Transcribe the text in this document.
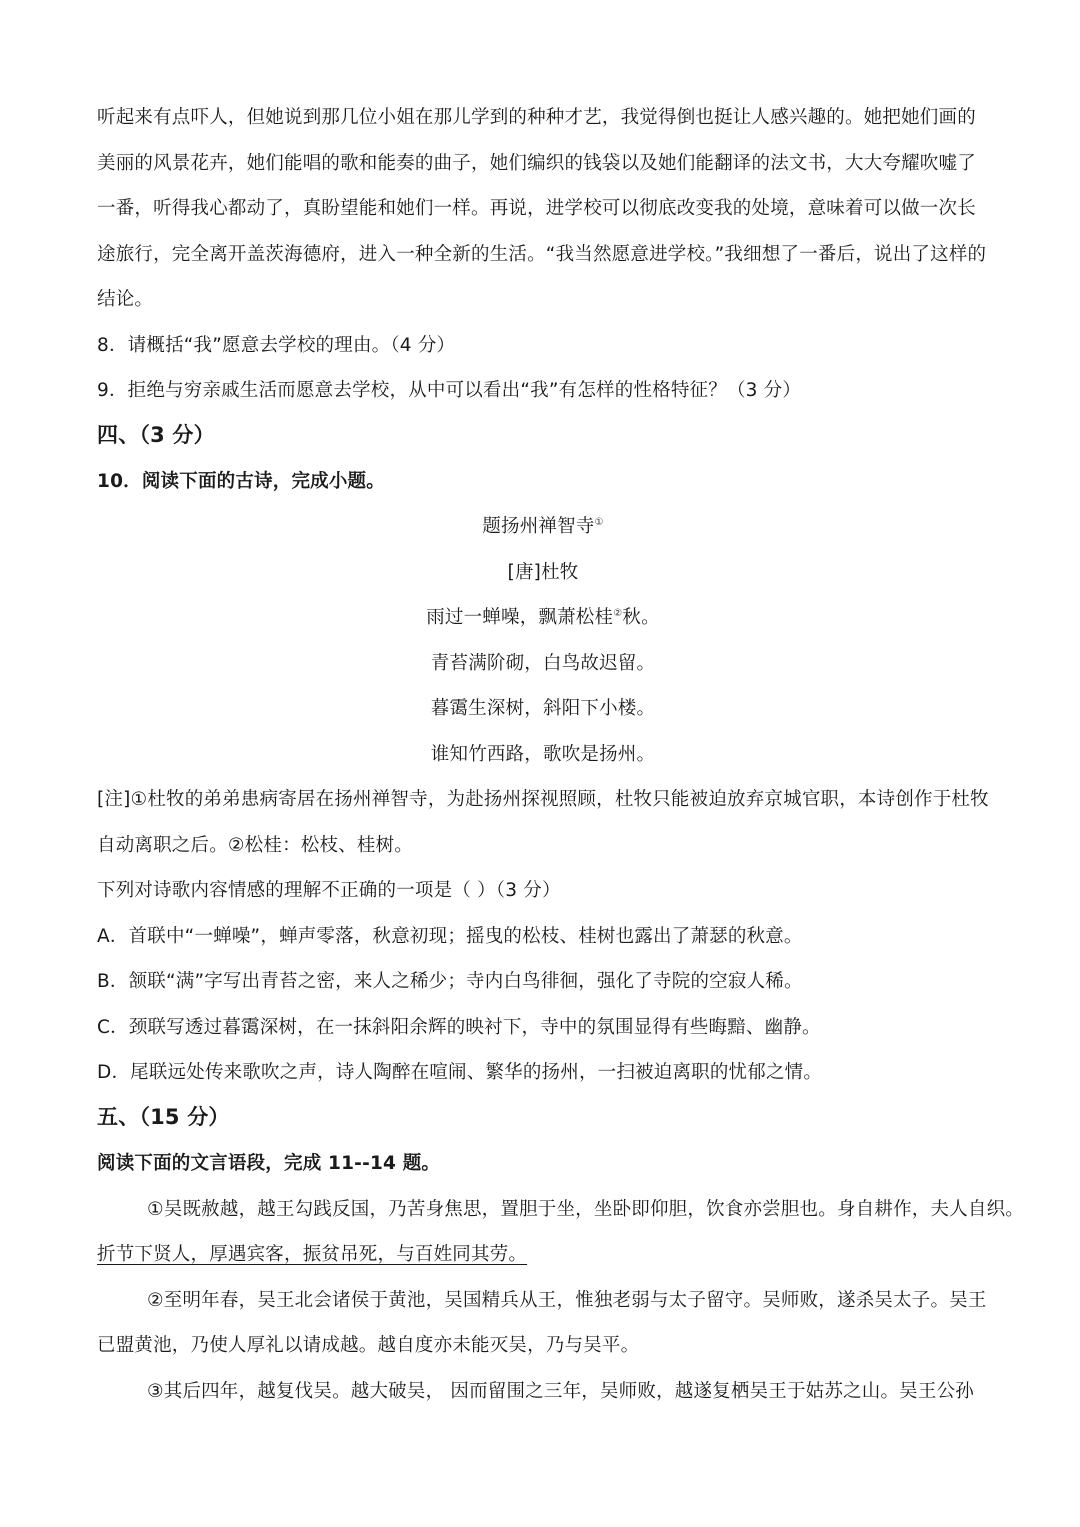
听起来有点吓人，但她说到那几位小姐在那儿学到的种种才艺，我觉得倒也挺让人感兴趣的。她把她们画的
美丽的风景花卉，她们能唱的歌和能奏的曲子，她们编织的钱袋以及她们能翻译的法文书，大大夸耀吹嘘了
一番，听得我心都动了，真盼望能和她们一样。再说，进学校可以彻底改变我的处境，意味着可以做一次长
途旅行，完全离开盖茨海德府，进入一种全新的生活。“我当然愿意进学校。”我细想了一番后，说出了这样的
结论。
8．请概括“我”愿意去学校的理由。（4 分）
9．拒绝与穷亲戚生活而愿意去学校，从中可以看出“我”有怎样的性格特征？（3 分）
四、（3 分）
10．阅读下面的古诗，完成小题。
题扬州禅智寺①
[唐]杜牧
雨过一蝉噪，飘萧松桂②秋。
青苔满阶砌，白鸟故迟留。
暮霭生深树，斜阳下小楼。
谁知竹西路，歌吹是扬州。
[注]①杜牧的弟弟患病寄居在扬州禅智寺，为赴扬州探视照顾，杜牧只能被迫放弃京城官职，本诗创作于杜牧
自动离职之后。②松桂：松枝、桂树。
下列对诗歌内容情感的理解不正确的一项是（ ）（3 分）
A．首联中“一蝉噪”，蝉声零落，秋意初现；摇曳的松枝、桂树也露出了萧瑟的秋意。
B．颔联“满”字写出青苔之密，来人之稀少；寺内白鸟徘徊，强化了寺院的空寂人稀。
C．颈联写透过暮霭深树，在一抹斜阳余辉的映衬下，寺中的氛围显得有些晦黯、幽静。
D．尾联远处传来歌吹之声，诗人陶醉在喧闹、繁华的扬州，一扫被迫离职的忧郁之情。
五、（15 分）
阅读下面的文言语段，完成 11--14 题。
①吴既赦越，越王勾践反国，乃苦身焦思，置胆于坐，坐卧即仰胆，饮食亦尝胆也。身自耕作，夫人自织。
折节下贤人，厚遇宾客，振贫吊死，与百姓同其劳。
②至明年春，吴王北会诸侯于黄池，吴国精兵从王，惟独老弱与太子留守。吴师败，遂杀吴太子。吴王
已盟黄池，乃使人厚礼以请成越。越自度亦未能灭吴，乃与吴平。
③其后四年，越复伐吴。越大破吴， 因而留围之三年，吴师败，越遂复栖吴王于姑苏之山。吴王公孙
